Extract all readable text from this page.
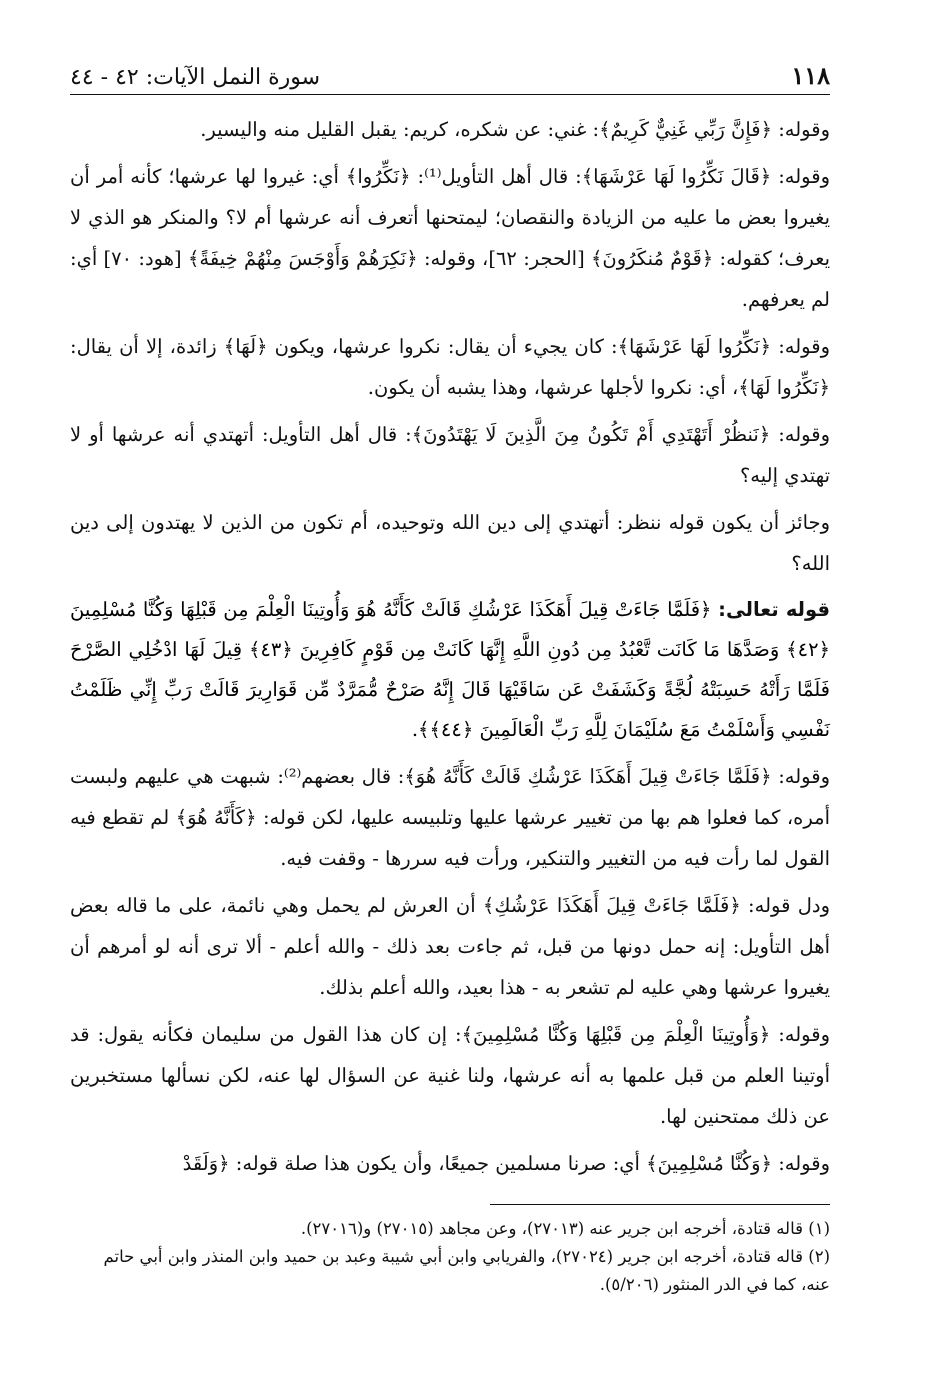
١١٨
سورة النمل الآيات: ٤٢ - ٤٤

وقوله: ﴿فَإِنَّ رَبِّي غَنِيٌّ كَرِيمٌ﴾: غني: عن شكره، كريم: يقبل القليل منه واليسير.

وقوله: ﴿قَالَ نَكِّرُوا لَهَا عَرْشَهَا﴾: قال أهل التأويل⁽¹⁾: ﴿نَكِّرُوا﴾ أي: غيروا لها عرشها؛ كأنه أمر أن يغيروا بعض ما عليه من الزيادة والنقصان؛ ليمتحنها أتعرف أنه عرشها أم لا؟ والمنكر هو الذي لا يعرف؛ كقوله: ﴿قَوْمٌ مُنكَرُونَ﴾ [الحجر: ٦٢]، وقوله: ﴿نَكِرَهُمْ وَأَوْجَسَ مِنْهُمْ خِيفَةً﴾ [هود: ٧٠] أي: لم يعرفهم.

وقوله: ﴿نَكِّرُوا لَهَا عَرْشَهَا﴾: كان يجيء أن يقال: نكروا عرشها، ويكون ﴿لَهَا﴾ زائدة، إلا أن يقال: ﴿نَكِّرُوا لَهَا﴾، أي: نكروا لأجلها عرشها، وهذا يشبه أن يكون.

وقوله: ﴿نَنظُرْ أَتَهْتَدِي أَمْ تَكُونُ مِنَ الَّذِينَ لَا يَهْتَدُونَ﴾: قال أهل التأويل: أتهتدي أنه عرشها أو لا تهتدي إليه؟

وجائز أن يكون قوله ننظر: أتهتدي إلى دين الله وتوحيده، أم تكون من الذين لا يهتدون إلى دين الله؟

قوله تعالى: ﴿فَلَمَّا جَاءَتْ قِيلَ أَهَكَذَا عَرْشُكِ قَالَتْ كَأَنَّهُ هُوَ وَأُوتِينَا الْعِلْمَ مِن قَبْلِهَا وَكُنَّا مُسْلِمِينَ ﴿٤٢﴾ وَصَدَّهَا مَا كَانَت تَّعْبُدُ مِن دُونِ اللَّهِ إِنَّهَا كَانَتْ مِن قَوْمٍ كَافِرِينَ ﴿٤٣﴾ قِيلَ لَهَا ادْخُلِي الصَّرْحَ فَلَمَّا رَأَتْهُ حَسِبَتْهُ لُجَّةً وَكَشَفَتْ عَن سَاقَيْهَا قَالَ إِنَّهُ صَرْحٌ مُّمَرَّدٌ مِّن قَوَارِيرَ قَالَتْ رَبِّ إِنِّي ظَلَمْتُ نَفْسِي وَأَسْلَمْتُ مَعَ سُلَيْمَانَ لِلَّهِ رَبِّ الْعَالَمِينَ ﴿٤٤﴾﴾.

وقوله: ﴿فَلَمَّا جَاءَتْ قِيلَ أَهَكَذَا عَرْشُكِ قَالَتْ كَأَنَّهُ هُوَ﴾: قال بعضهم⁽²⁾: شبهت هي عليهم ولبست أمره، كما فعلوا هم بها من تغيير عرشها عليها وتلبيسه عليها، لكن قوله: ﴿كَأَنَّهُ هُوَ﴾ لم تقطع فيه القول لما رأت فيه من التغيير والتنكير، ورأت فيه سررها - وقفت فيه.

ودل قوله: ﴿فَلَمَّا جَاءَتْ قِيلَ أَهَكَذَا عَرْشُكِ﴾ أن العرش لم يحمل وهي نائمة، على ما قاله بعض أهل التأويل: إنه حمل دونها من قبل، ثم جاءت بعد ذلك - والله أعلم - ألا ترى أنه لو أمرهم أن يغيروا عرشها وهي عليه لم تشعر به - هذا بعيد، والله أعلم بذلك.

وقوله: ﴿وَأُوتِينَا الْعِلْمَ مِن قَبْلِهَا وَكُنَّا مُسْلِمِينَ﴾: إن كان هذا القول من سليمان فكأنه يقول: قد أوتينا العلم من قبل علمها به أنه عرشها، ولنا غنية عن السؤال لها عنه، لكن نسألها مستخبرين عن ذلك ممتحنين لها.

وقوله: ﴿وَكُنَّا مُسْلِمِينَ﴾ أي: صرنا مسلمين جميعًا، وأن يكون هذا صلة قوله: ﴿وَلَقَدْ

(١) قاله قتادة، أخرجه ابن جرير عنه (٢٧٠١٣)، وعن مجاهد (٢٧٠١٥) و(٢٧٠١٦).

(٢) قاله قتادة، أخرجه ابن جرير (٢٧٠٢٤)، والفريابي وابن أبي شيبة وعبد بن حميد وابن المنذر وابن أبي حاتم عنه، كما في الدر المنثور (٥/٢٠٦).
